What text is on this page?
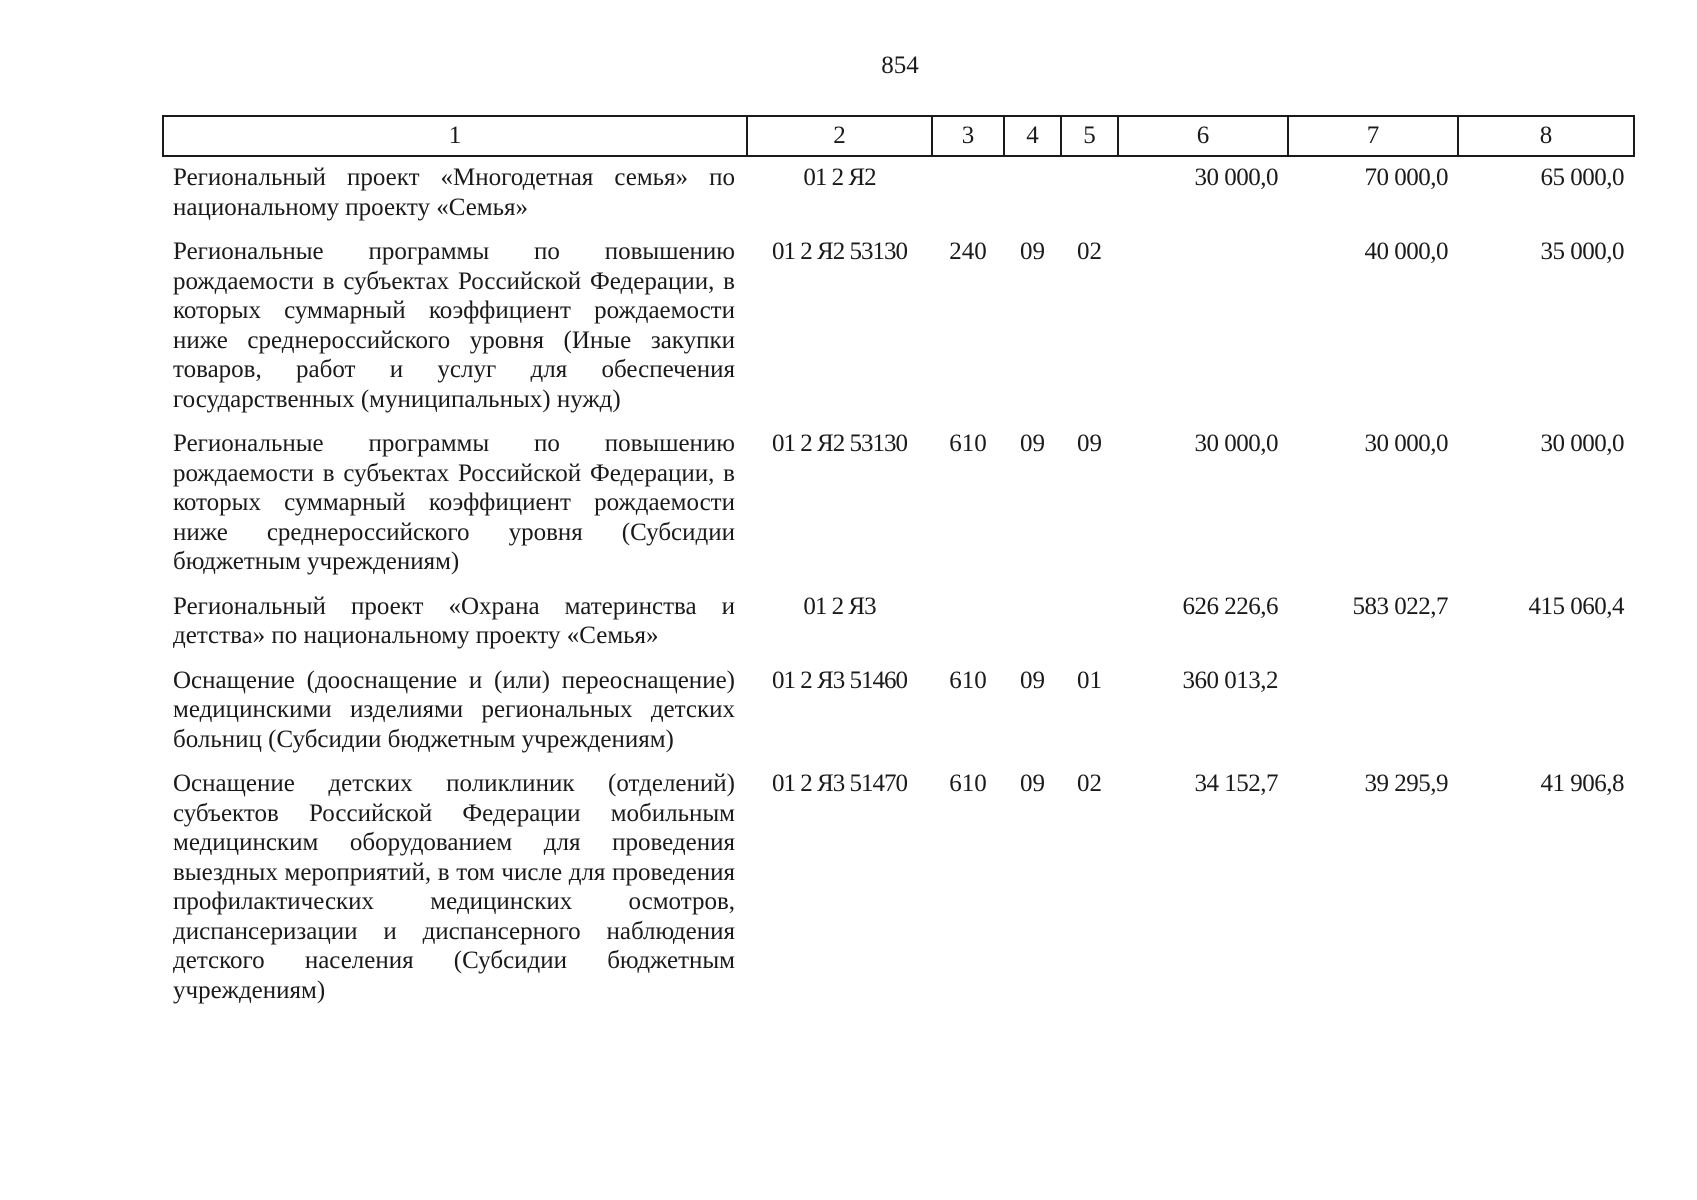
854
1	2	3	4	5	6	7	8
Региональный проект «Многодетная семья» по национальному проекту «Семья»	01 2 Я2				30 000,0	70 000,0	65 000,0
Региональные программы по повышению рождаемости в субъектах Российской Федерации, в которых суммарный коэффициент рождаемости ниже среднероссийского уровня (Иные закупки товаров, работ и услуг для обеспечения государственных (муниципальных) нужд)	01 2 Я2 53130	240	09	02		40 000,0	35 000,0
Региональные программы по повышению рождаемости в субъектах Российской Федерации, в которых суммарный коэффициент рождаемости ниже среднероссийского уровня (Субсидии бюджетным учреждениям)	01 2 Я2 53130	610	09	09	30 000,0	30 000,0	30 000,0
Региональный проект «Охрана материнства и детства» по национальному проекту «Семья»	01 2 Я3				626 226,6	583 022,7	415 060,4
Оснащение (дооснащение и (или) переоснащение) медицинскими изделиями региональных детских больниц (Субсидии бюджетным учреждениям)	01 2 Я3 51460	610	09	01	360 013,2		
Оснащение детских поликлиник (отделений) субъектов Российской Федерации мобильным медицинским оборудованием для проведения выездных мероприятий, в том числе для проведения профилактических медицинских осмотров, диспансеризации и диспансерного наблюдения детского населения (Субсидии бюджетным учреждениям)	01 2 Я3 51470	610	09	02	34 152,7	39 295,9	41 906,8
